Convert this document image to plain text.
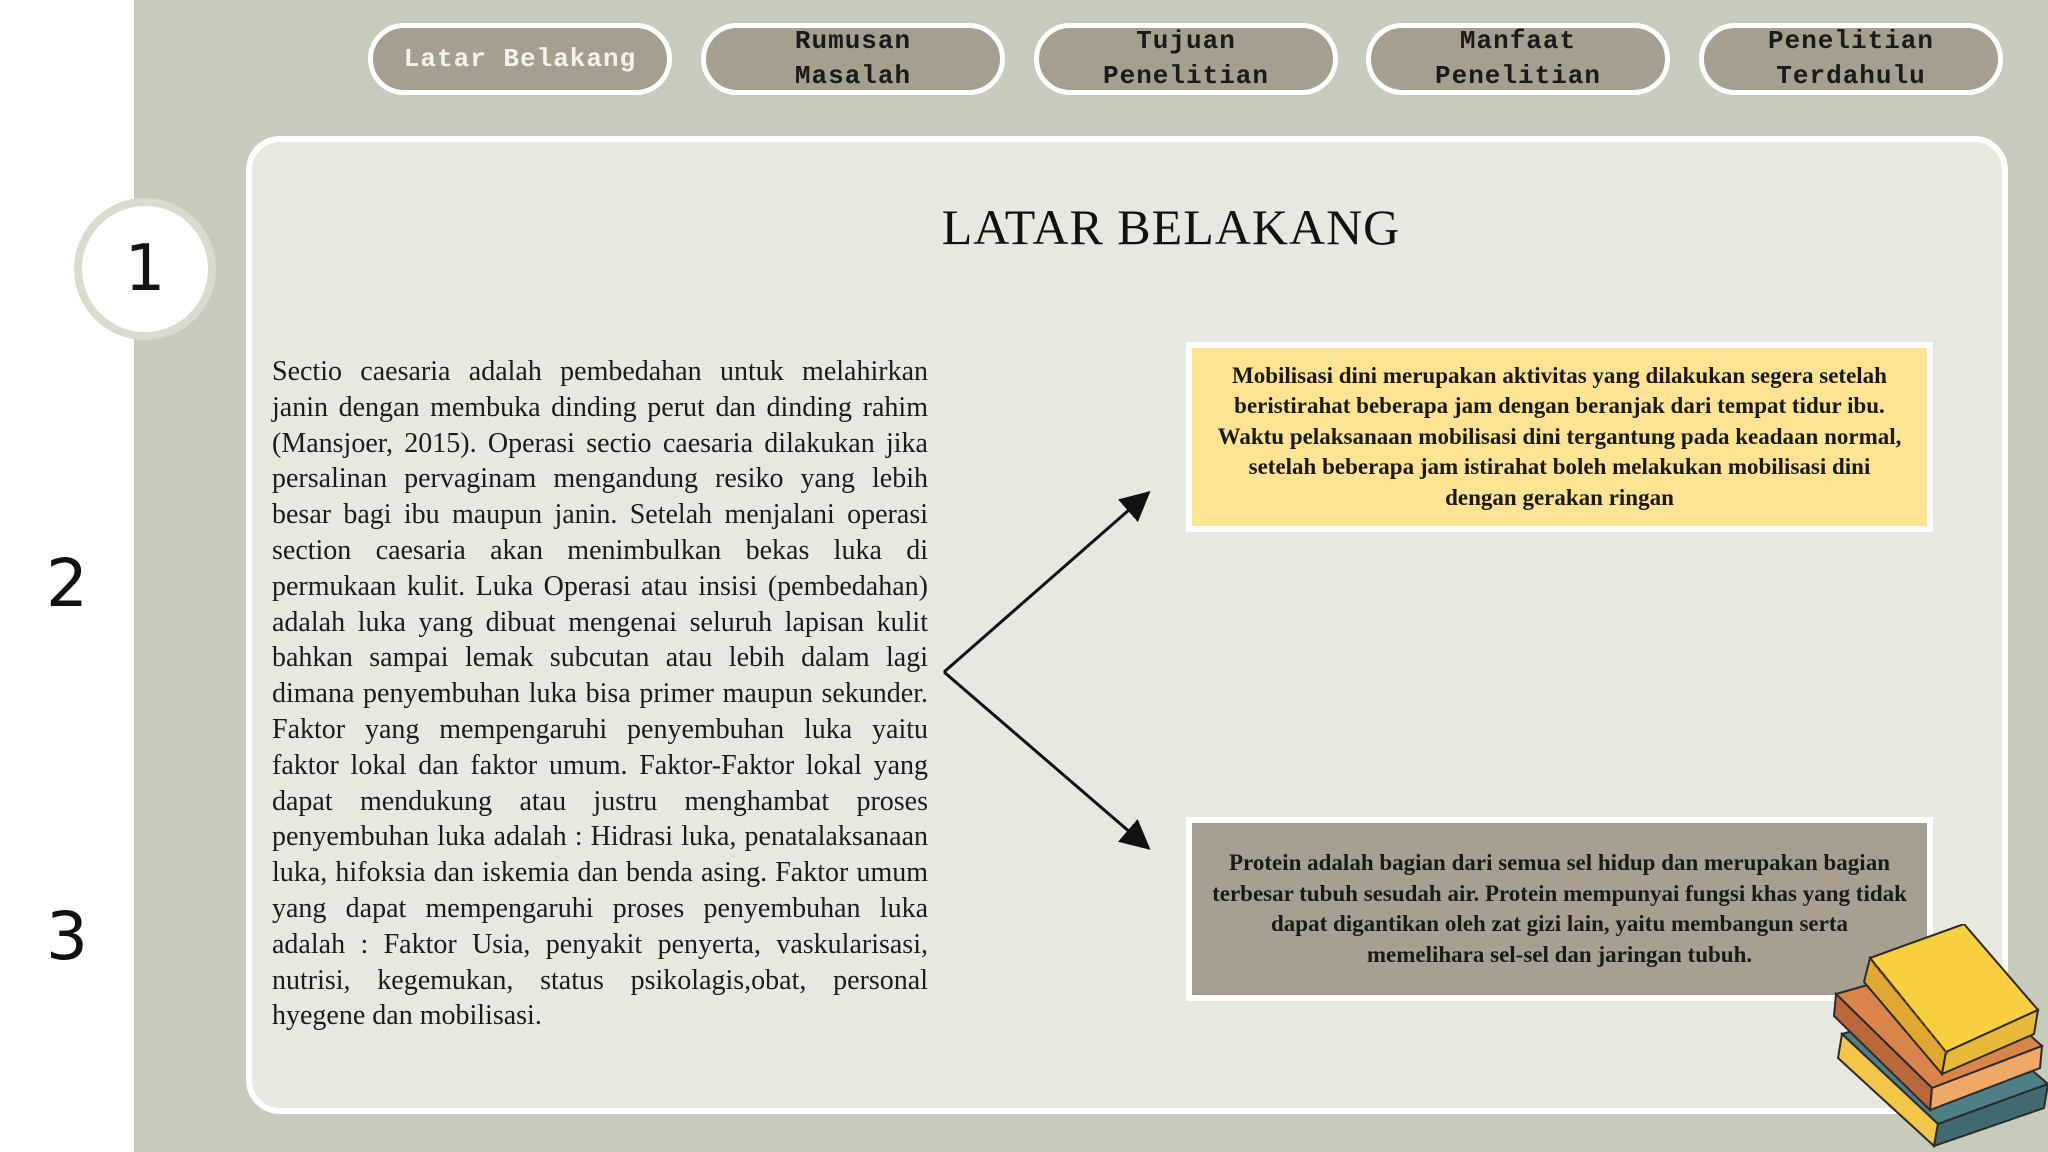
Latar Belakang
Rumusan
Masalah
Tujuan
Penelitian
Manfaat
Penelitian
Penelitian
Terdahulu
1
2
3
LATAR BELAKANG
Sectio caesaria adalah pembedahan untuk melahirkan janin dengan membuka dinding perut dan dinding rahim (Mansjoer, 2015). Operasi sectio caesaria dilakukan jika persalinan pervaginam mengandung resiko yang lebih besar bagi ibu maupun janin. Setelah menjalani operasi section caesaria akan menimbulkan bekas luka di permukaan kulit. Luka Operasi atau insisi (pembedahan) adalah luka yang dibuat mengenai seluruh lapisan kulit bahkan sampai lemak subcutan atau lebih dalam lagi dimana penyembuhan luka bisa primer maupun sekunder. Faktor yang mempengaruhi penyembuhan luka yaitu faktor lokal dan faktor umum. Faktor-Faktor lokal yang dapat mendukung atau justru menghambat proses penyembuhan luka adalah : Hidrasi luka, penatalaksanaan luka, hifoksia dan iskemia dan benda asing. Faktor umum yang dapat mempengaruhi proses penyembuhan luka adalah : Faktor Usia, penyakit penyerta, vaskularisasi, nutrisi, kegemukan, status psikolagis,obat, personal hyegene dan mobilisasi.
Mobilisasi dini merupakan aktivitas yang dilakukan segera setelah beristirahat beberapa jam dengan beranjak dari tempat tidur ibu. Waktu pelaksanaan mobilisasi dini tergantung pada keadaan normal, setelah beberapa jam istirahat boleh melakukan mobilisasi dini dengan gerakan ringan
Protein adalah bagian dari semua sel hidup dan merupakan bagian terbesar tubuh sesudah air. Protein mempunyai fungsi khas yang tidak dapat digantikan oleh zat gizi lain, yaitu membangun serta memelihara sel-sel dan jaringan tubuh.
